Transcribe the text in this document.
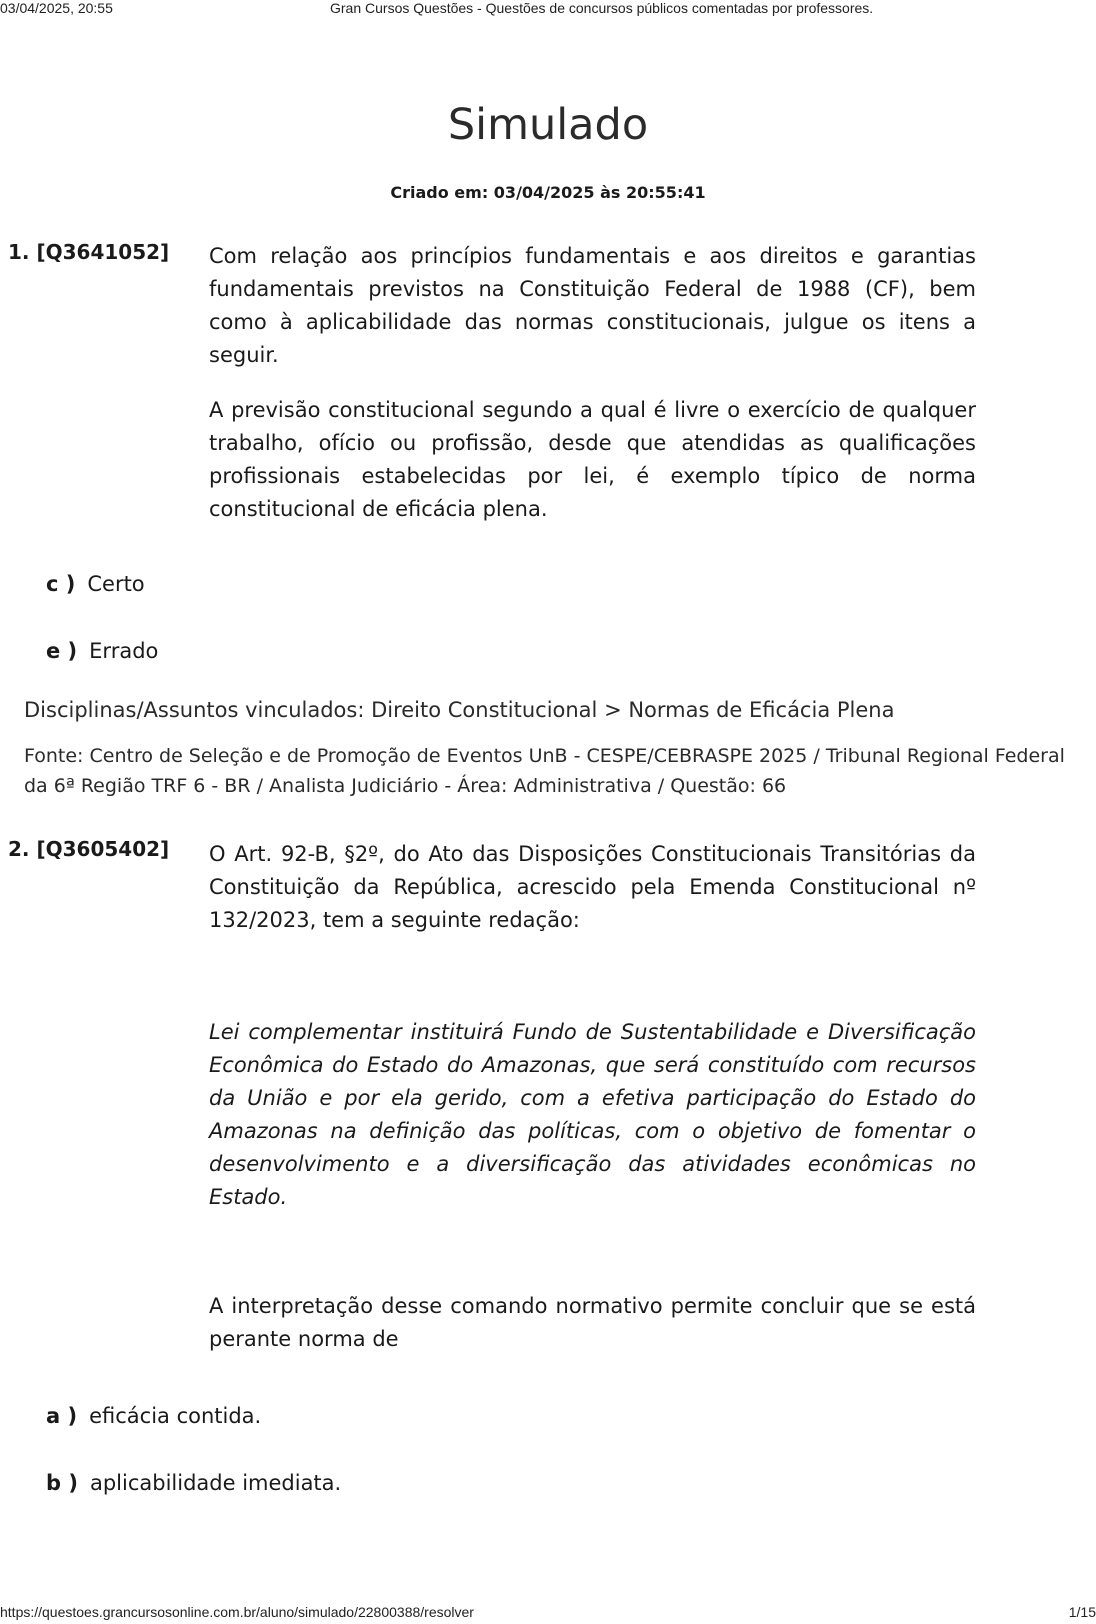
03/04/2025, 20:55	Gran Cursos Questões - Questões de concursos públicos comentadas por professores.
Simulado
Criado em: 03/04/2025 às 20:55:41
1. [Q3641052] Com relação aos princípios fundamentais e aos direitos e garantias fundamentais previstos na Constituição Federal de 1988 (CF), bem como à aplicabilidade das normas constitucionais, julgue os itens a seguir.

A previsão constitucional segundo a qual é livre o exercício de qualquer trabalho, ofício ou profissão, desde que atendidas as qualificações profissionais estabelecidas por lei, é exemplo típico de norma constitucional de eficácia plena.

c ) Certo
e ) Errado

Disciplinas/Assuntos vinculados: Direito Constitucional > Normas de Eficácia Plena

Fonte: Centro de Seleção e de Promoção de Eventos UnB - CESPE/CEBRASPE 2025 / Tribunal Regional Federal da 6ª Região TRF 6 - BR / Analista Judiciário - Área: Administrativa / Questão: 66

2. [Q3605402] O Art. 92-B, §2º, do Ato das Disposições Constitucionais Transitórias da Constituição da República, acrescido pela Emenda Constitucional nº 132/2023, tem a seguinte redação:

Lei complementar instituirá Fundo de Sustentabilidade e Diversificação Econômica do Estado do Amazonas, que será constituído com recursos da União e por ela gerido, com a efetiva participação do Estado do Amazonas na definição das políticas, com o objetivo de fomentar o desenvolvimento e a diversificação das atividades econômicas no Estado.

A interpretação desse comando normativo permite concluir que se está perante norma de

a ) eficácia contida.
b ) aplicabilidade imediata.
https://questoes.grancursosonline.com.br/aluno/simulado/22800388/resolver	1/15
